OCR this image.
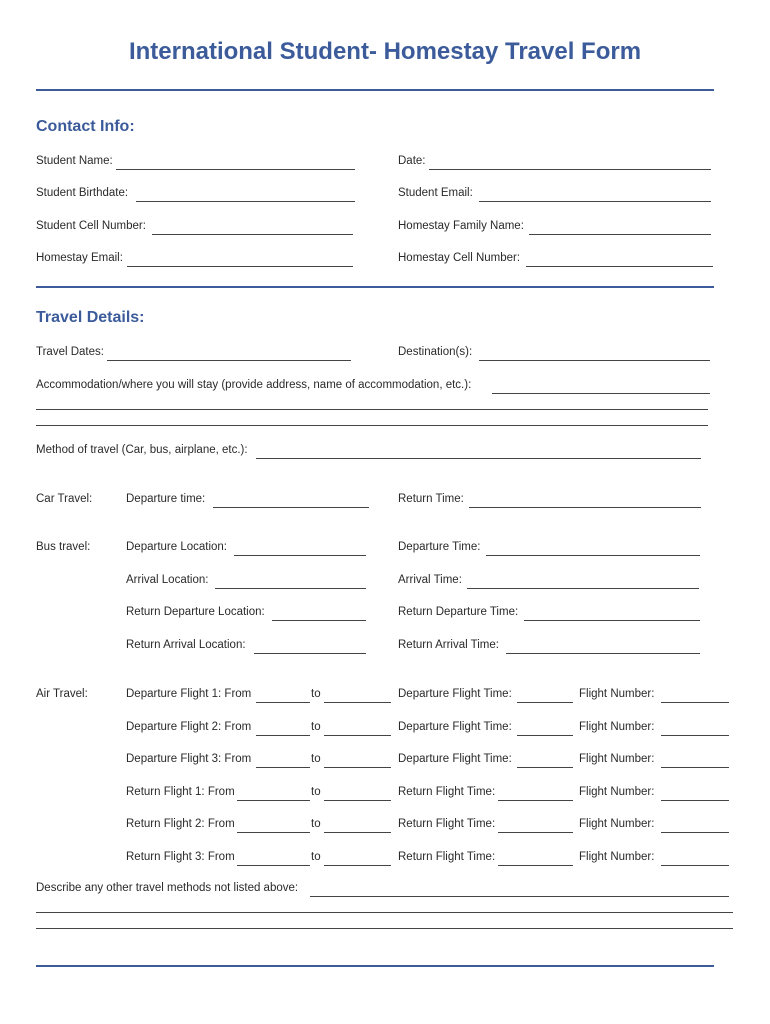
International Student- Homestay Travel Form
Contact Info:
Student Name:	Date:
Student Birthdate:	Student Email:
Student Cell Number:	Homestay Family Name:
Homestay Email:	Homestay Cell Number:
Travel Details:
Travel Dates:	Destination(s):
Accommodation/where you will stay (provide address, name of accommodation, etc.):
Method of travel (Car, bus, airplane, etc.):
Car Travel:	Departure time:	Return Time:
Bus travel:	Departure Location:	Departure Time:
Arrival Location:	Arrival Time:
Return Departure Location:	Return Departure Time:
Return Arrival Location:	Return Arrival Time:
Air Travel:	Departure Flight 1: From	to	Departure Flight Time:	Flight Number:
Departure Flight 2: From	to	Departure Flight Time:	Flight Number:
Departure Flight 3: From	to	Departure Flight Time:	Flight Number:
Return Flight 1: From	to	Return Flight Time:	Flight Number:
Return Flight 2: From	to	Return Flight Time:	Flight Number:
Return Flight 3: From	to	Return Flight Time:	Flight Number:
Describe any other travel methods not listed above:
